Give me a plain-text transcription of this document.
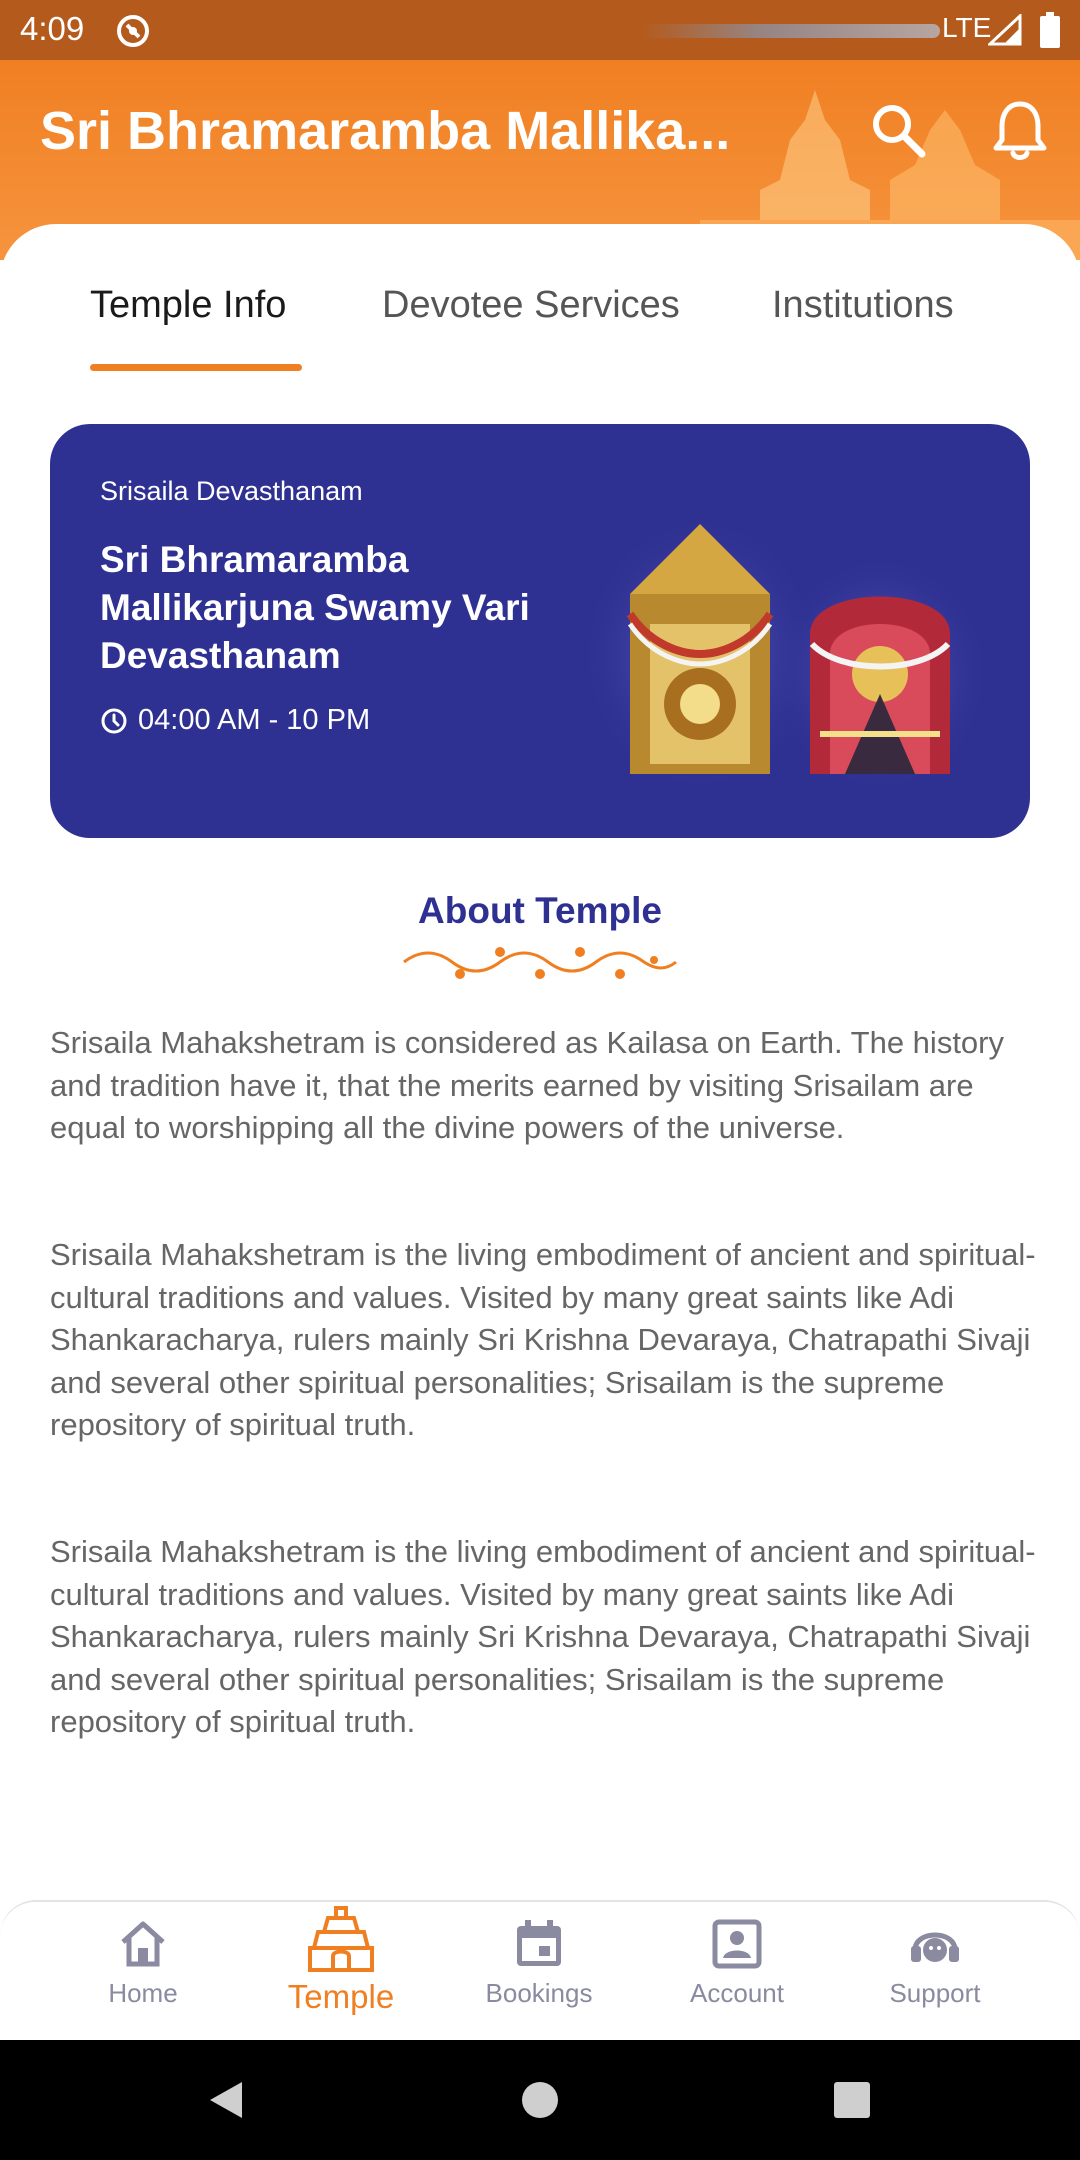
4:09	LTE
Sri Bhramaramba Mallika...
Temple Info	Devotee Services Institutions
Srisaila Devasthanam
Sri Bhramaramba Mallikarjuna Swamy Vari Devasthanam
04:00 AM - 10 PM
About Temple
Srisaila Mahakshetram is considered as Kailasa on Earth. The history and tradition have it, that the merits earned by visiting Srisailam are equal to worshipping all the divine powers of the universe.
Srisaila Mahakshetram is the living embodiment of ancient and spiritual-cultural traditions and values. Visited by many great saints like Adi Shankaracharya, rulers mainly Sri Krishna Devaraya, Chatrapathi Sivaji and several other spiritual personalities; Srisailam is the supreme repository of spiritual truth.
Srisaila Mahakshetram is the living embodiment of ancient and spiritual-cultural traditions and values. Visited by many great saints like Adi Shankaracharya, rulers mainly Sri Krishna Devaraya, Chatrapathi Sivaji and several other spiritual personalities; Srisailam is the supreme repository of spiritual truth.
Home	Temple	Bookings	Account	Support
